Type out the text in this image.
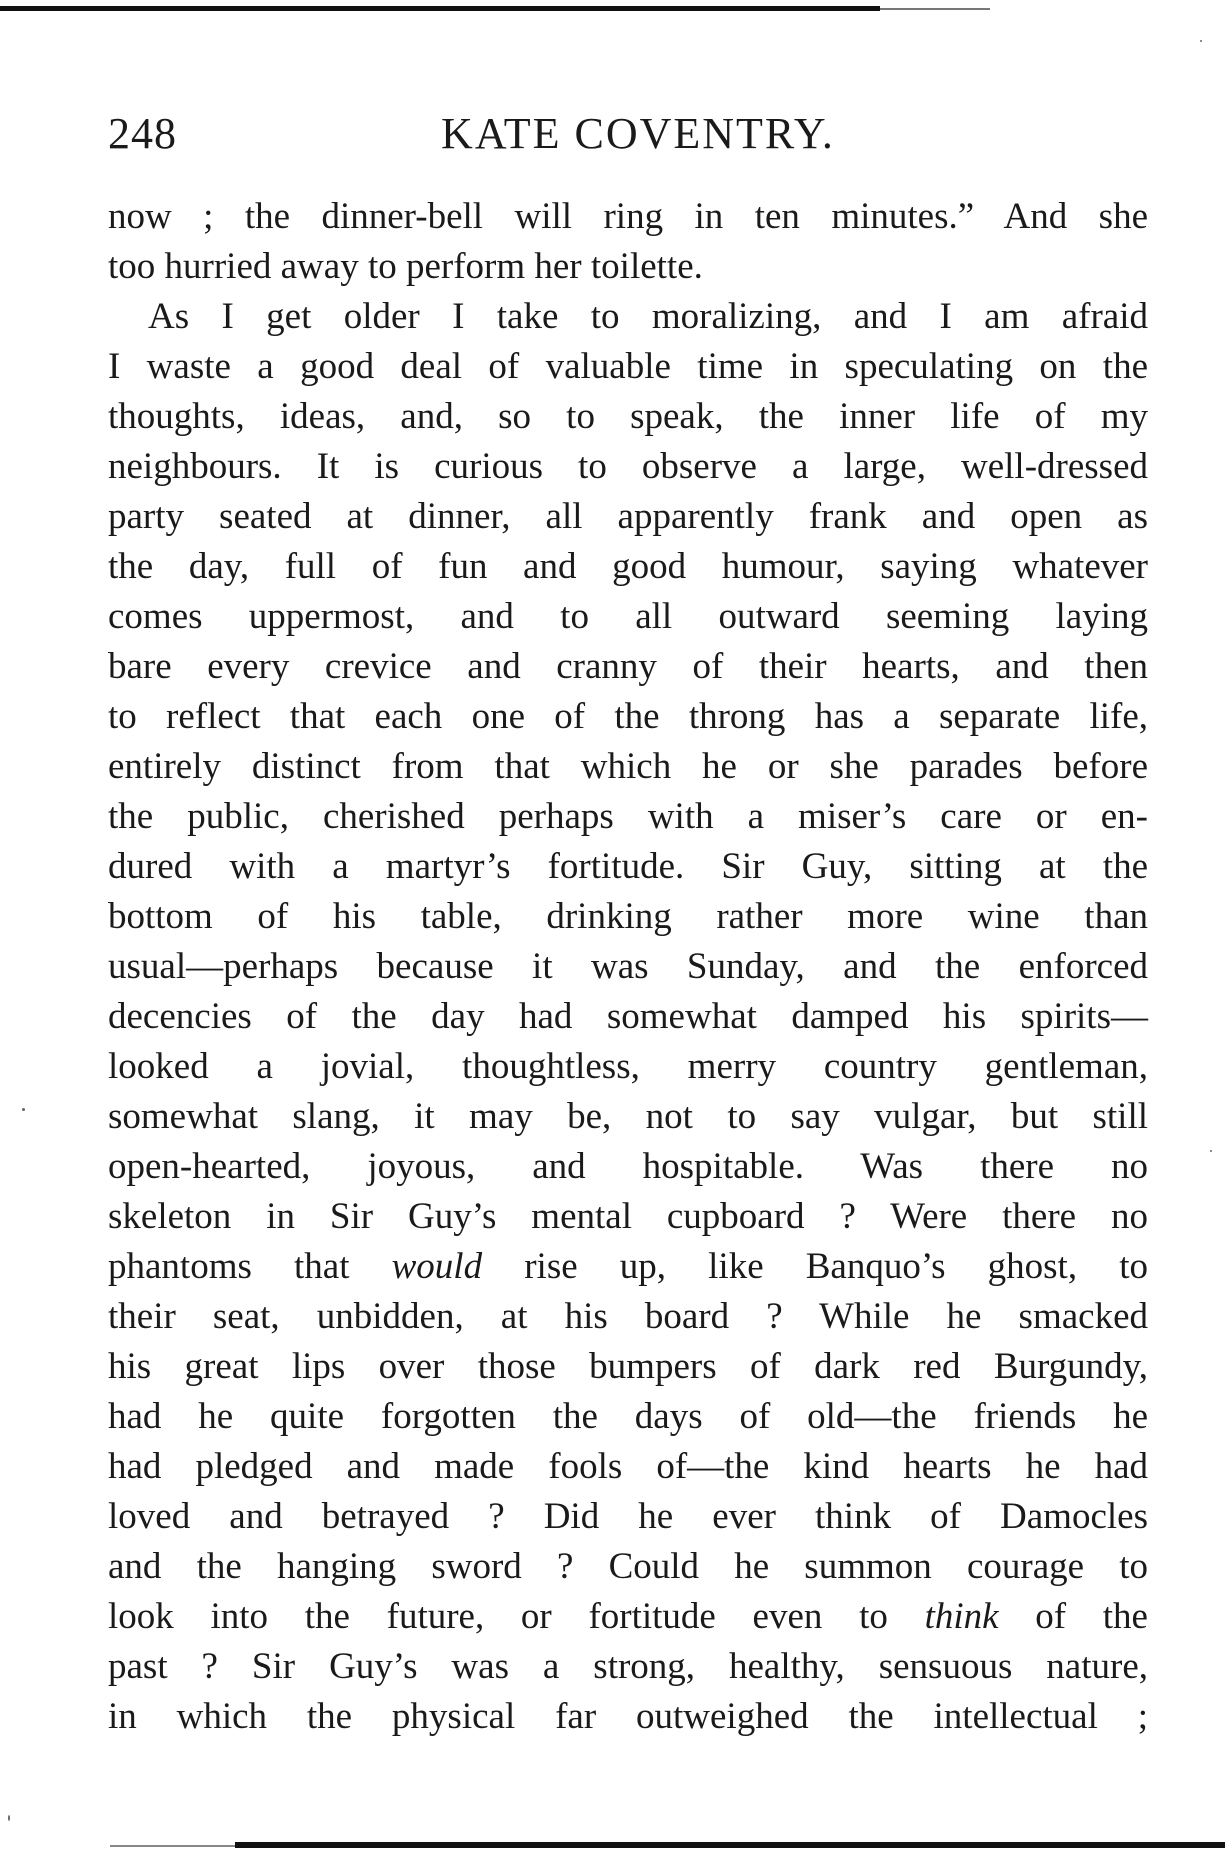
248	KATE COVENTRY.
now ; the dinner-bell will ring in ten minutes.” And she
too hurried away to perform her toilette.
As I get older I take to moralizing, and I am afraid
I waste a good deal of valuable time in speculating on the
thoughts, ideas, and, so to speak, the inner life of my
neighbours. It is curious to observe a large, well-dressed
party seated at dinner, all apparently frank and open as
the day, full of fun and good humour, saying whatever
comes uppermost, and to all outward seeming laying
bare every crevice and cranny of their hearts, and then
to reflect that each one of the throng has a separate life,
entirely distinct from that which he or she parades before
the public, cherished perhaps with a miser’s care or en-
dured with a martyr’s fortitude. Sir Guy, sitting at the
bottom of his table, drinking rather more wine than
usual—perhaps because it was Sunday, and the enforced
decencies of the day had somewhat damped his spirits—
looked a jovial, thoughtless, merry country gentleman,
somewhat slang, it may be, not to say vulgar, but still
open-hearted, joyous, and hospitable. Was there no
skeleton in Sir Guy’s mental cupboard ? Were there no
phantoms that would rise up, like Banquo’s ghost, to
their seat, unbidden, at his board ? While he smacked
his great lips over those bumpers of dark red Burgundy,
had he quite forgotten the days of old—the friends he
had pledged and made fools of—the kind hearts he had
loved and betrayed ? Did he ever think of Damocles
and the hanging sword ? Could he summon courage to
look into the future, or fortitude even to think of the
past ? Sir Guy’s was a strong, healthy, sensuous nature,
in which the physical far outweighed the intellectual ;
